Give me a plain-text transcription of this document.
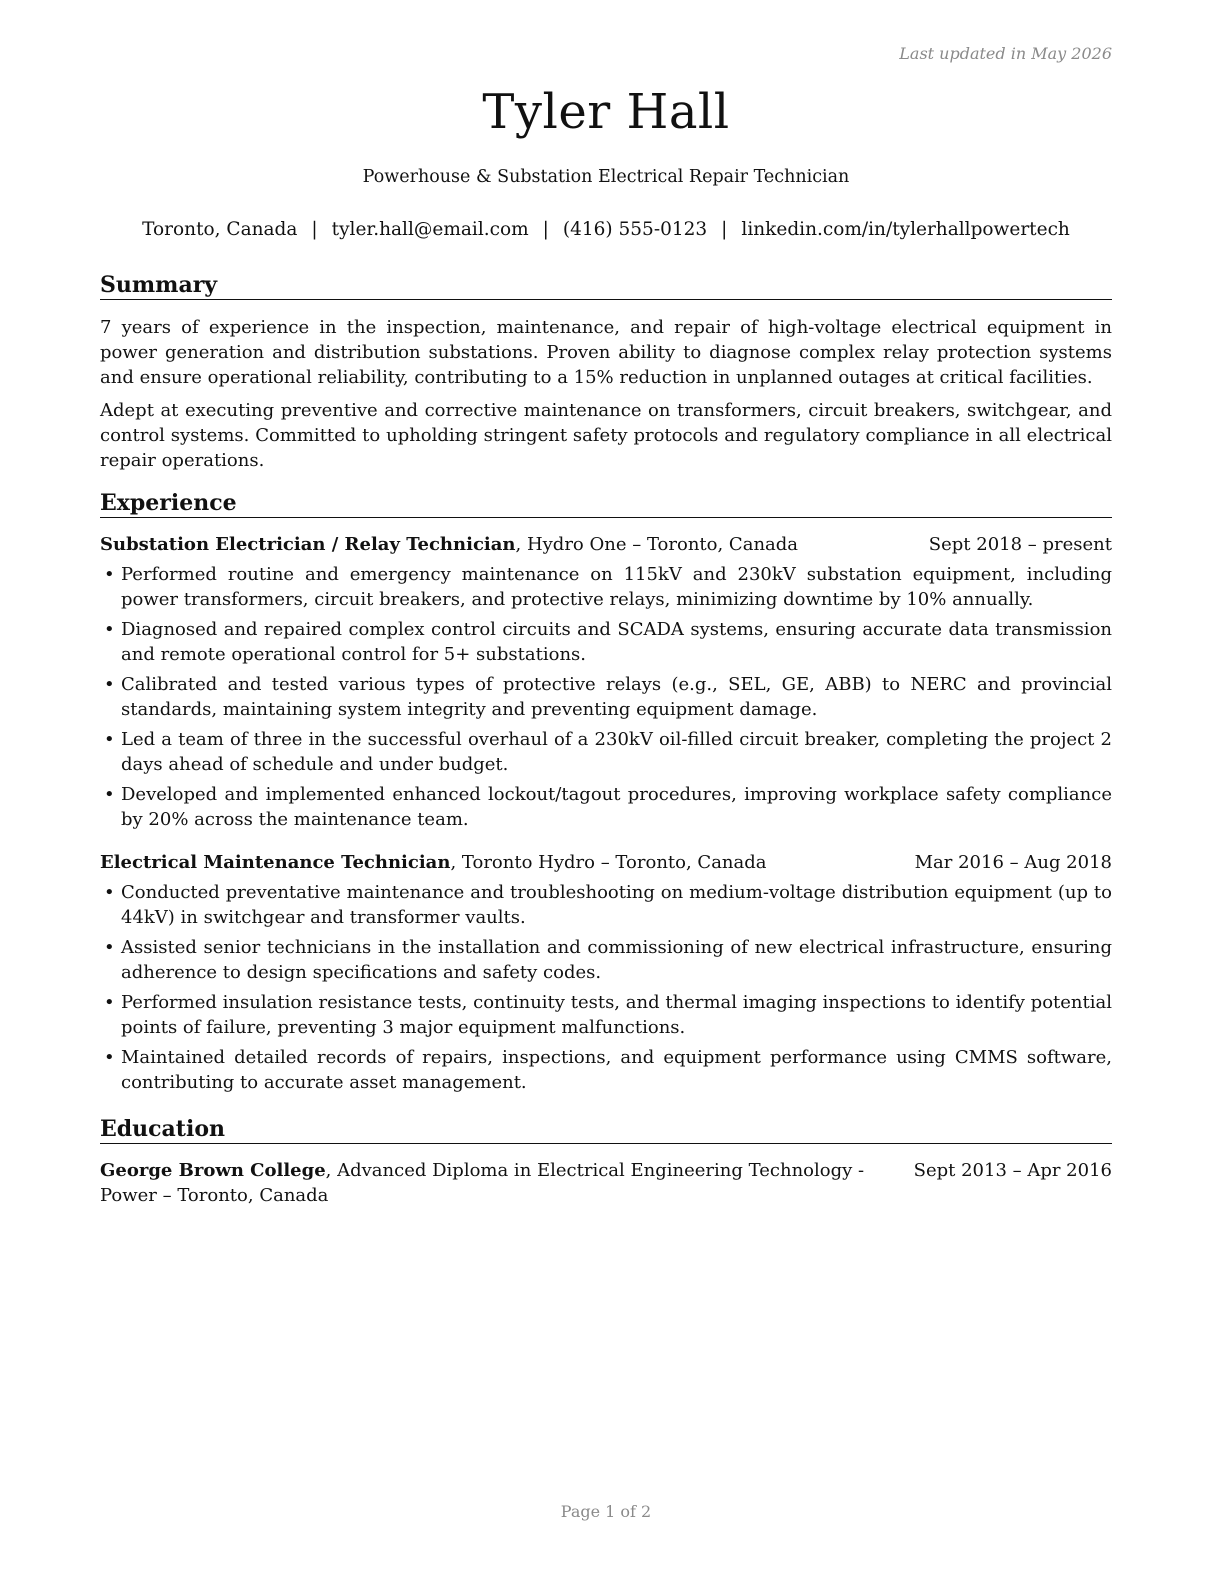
Last updated in May 2026
Tyler Hall
Powerhouse & Substation Electrical Repair Technician
Toronto, Canada | tyler.hall@email.com | (416) 555-0123 | linkedin.com/in/tylerhallpowertech
Summary

7 years of experience in the inspection, maintenance, and repair of high-voltage electrical equipment in power generation and distribution substations. Proven ability to diagnose complex relay protection systems and ensure operational reliability, contributing to a 15% reduction in unplanned outages at critical facilities.

Adept at executing preventive and corrective maintenance on transformers, circuit breakers, switchgear, and control systems. Committed to upholding stringent safety protocols and regulatory compliance in all electrical repair operations.

Experience
Substation Electrician / Relay Technician, Hydro One – Toronto, Canada	Sept 2018 – present
• Performed routine and emergency maintenance on 115kV and 230kV substation equipment, including power transformers, circuit breakers, and protective relays, minimizing downtime by 10% annually.
• Diagnosed and repaired complex control circuits and SCADA systems, ensuring accurate data transmission and remote operational control for 5+ substations.
• Calibrated and tested various types of protective relays (e.g., SEL, GE, ABB) to NERC and provincial standards, maintaining system integrity and preventing equipment damage.
• Led a team of three in the successful overhaul of a 230kV oil-filled circuit breaker, completing the project 2 days ahead of schedule and under budget.
• Developed and implemented enhanced lockout/tagout procedures, improving workplace safety compliance by 20% across the maintenance team.
Electrical Maintenance Technician, Toronto Hydro – Toronto, Canada	Mar 2016 – Aug 2018
• Conducted preventative maintenance and troubleshooting on medium-voltage distribution equipment (up to 44kV) in switchgear and transformer vaults.
• Assisted senior technicians in the installation and commissioning of new electrical infrastructure, ensuring adherence to design specifications and safety codes.
• Performed insulation resistance tests, continuity tests, and thermal imaging inspections to identify potential points of failure, preventing 3 major equipment malfunctions.
• Maintained detailed records of repairs, inspections, and equipment performance using CMMS software, contributing to accurate asset management.
Education
George Brown College, Advanced Diploma in Electrical Engineering Technology - Power – Toronto, Canada
Sept 2013 – Apr 2016
Page 1 of 2
